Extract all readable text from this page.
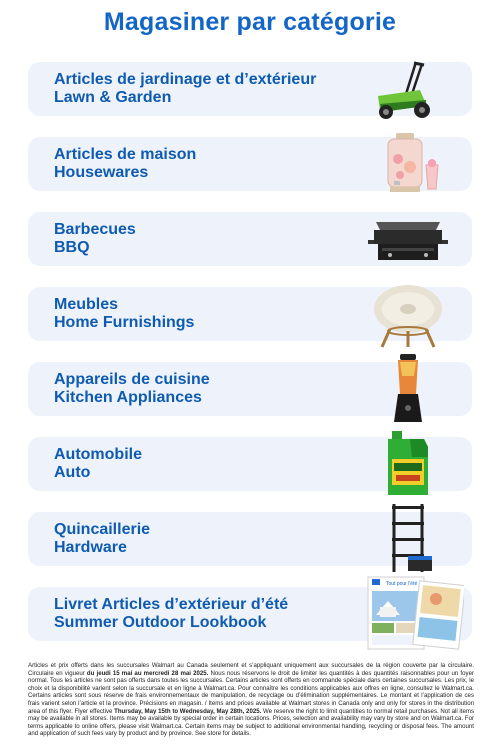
Magasiner par catégorie
Articles de jardinage et d’extérieur
Lawn & Garden
Articles de maison
Housewares
Barbecues
BBQ
Meubles
Home Furnishings
Appareils de cuisine
Kitchen Appliances
Automobile
Auto
Quincaillerie
Hardware
Livret Articles d’extérieur d’été
Summer Outdoor Lookbook
Tout pour l'été
Articles et prix offerts dans les succursales Walmart au Canada seulement et s’appliquant uniquement aux succursales de la région couverte par la circulaire. Circulaire en vigueur du jeudi 15 mai au mercredi 28 mai 2025. Nous nous réservons le droit de limiter les quantités à des quantités raisonnables pour un foyer normal. Tous les articles ne sont pas offerts dans toutes les succursales. Certains articles sont offerts en commande spéciale dans certaines succursales. Les prix, le choix et la disponibilité varient selon la succursale et en ligne à Walmart.ca. Pour connaître les conditions applicables aux offres en ligne, consultez le Walmart.ca. Certains articles sont sous réserve de frais environnementaux de manipulation, de recyclage ou d’élimination supplémentaires. Le montant et l’application de ces frais varient selon l’article et la province. Précisions en magasin. / Items and prices available at Walmart stores in Canada only and only for stores in the distribution area of this flyer. Flyer effective Thursday, May 15th to Wednesday, May 28th, 2025. We reserve the right to limit quantities to normal retail purchases. Not all items may be available in all stores. Items may be available by special order in certain locations. Prices, selection and availability may vary by store and on Walmart.ca. For terms applicable to online offers, please visit Walmart.ca. Certain items may be subject to additional environmental handling, recycling or disposal fees. The amount and application of such fees vary by product and by province. See store for details.
